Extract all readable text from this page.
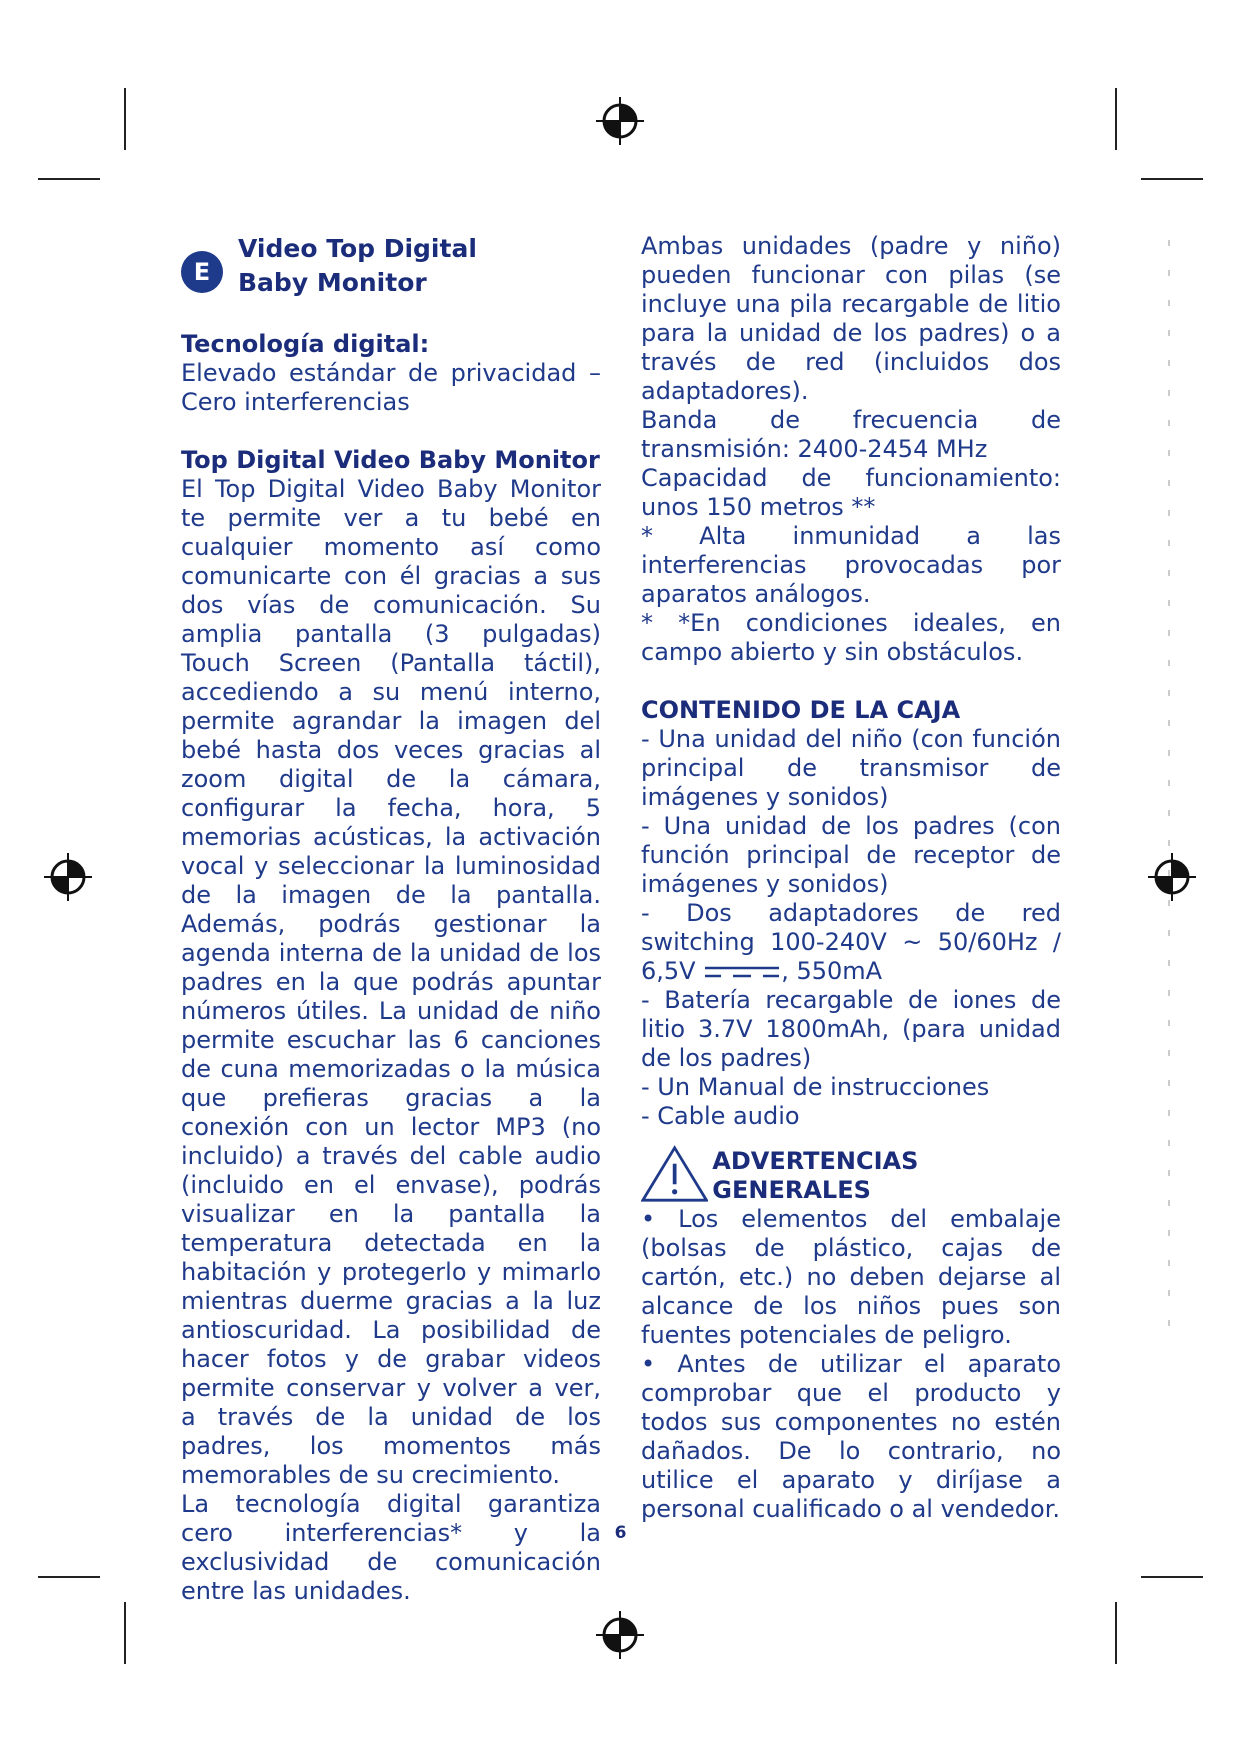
E
Video Top Digital
Baby Monitor

Tecnología digital:

Elevado estándar de privacidad – Cero interferencias

Top Digital Video Baby Monitor

El Top Digital Video Baby Monitor te permite ver a tu bebé en cualquier momento así como comunicarte con él gracias a sus dos vías de comunicación. Su amplia pantalla (3 pulgadas) Touch Screen (Pantalla táctil), accediendo a su menú interno, permite agrandar la imagen del bebé hasta dos veces gracias al zoom digital de la cámara, configurar la fecha, hora, 5 memorias acústicas, la activación vocal y seleccionar la luminosidad de la imagen de la pantalla. Además, podrás gestionar la agenda interna de la unidad de los padres en la que podrás apuntar números útiles. La unidad de niño permite escuchar las 6 canciones de cuna memorizadas o la música que prefieras gracias a la conexión con un lector MP3 (no incluido) a través del cable audio (incluido en el envase), podrás visualizar en la pantalla la temperatura detectada en la habitación y protegerlo y mimarlo mientras duerme gracias a la luz antioscuridad. La posibilidad de hacer fotos y de grabar videos permite conservar y volver a ver, a través de la unidad de los padres, los momentos más memorables de su crecimiento.

La tecnología digital garantiza cero interferencias* y la exclusividad de comunicación entre las unidades.

Ambas unidades (padre y niño) pueden funcionar con pilas (se incluye una pila recargable de litio para la unidad de los padres) o a través de red (incluidos dos adaptadores).

Banda de frecuencia de transmisión: 2400-2454 MHz

Capacidad de funcionamiento: unos 150 metros **

* Alta inmunidad a las interferencias provocadas por aparatos análogos.

* *En condiciones ideales, en campo abierto y sin obstáculos.

CONTENIDO DE LA CAJA

- Una unidad del niño (con función principal de transmisor de imágenes y sonidos)

- Una unidad de los padres (con función principal de receptor de imágenes y sonidos)

- Dos adaptadores de red switching 100-240V ~ 50/60Hz / 6,5V	, 550mA

- Batería recargable de iones de litio 3.7V 1800mAh, (para unidad de los padres)

- Un Manual de instrucciones

- Cable audio

ADVERTENCIAS GENERALES

• Los elementos del embalaje (bolsas de plástico, cajas de cartón, etc.) no deben dejarse al alcance de los niños pues son fuentes potenciales de peligro.

• Antes de utilizar el aparato comprobar que el producto y todos sus componentes no estén dañados. De lo contrario, no utilice el aparato y diríjase a personal cualificado o al vendedor.

6
